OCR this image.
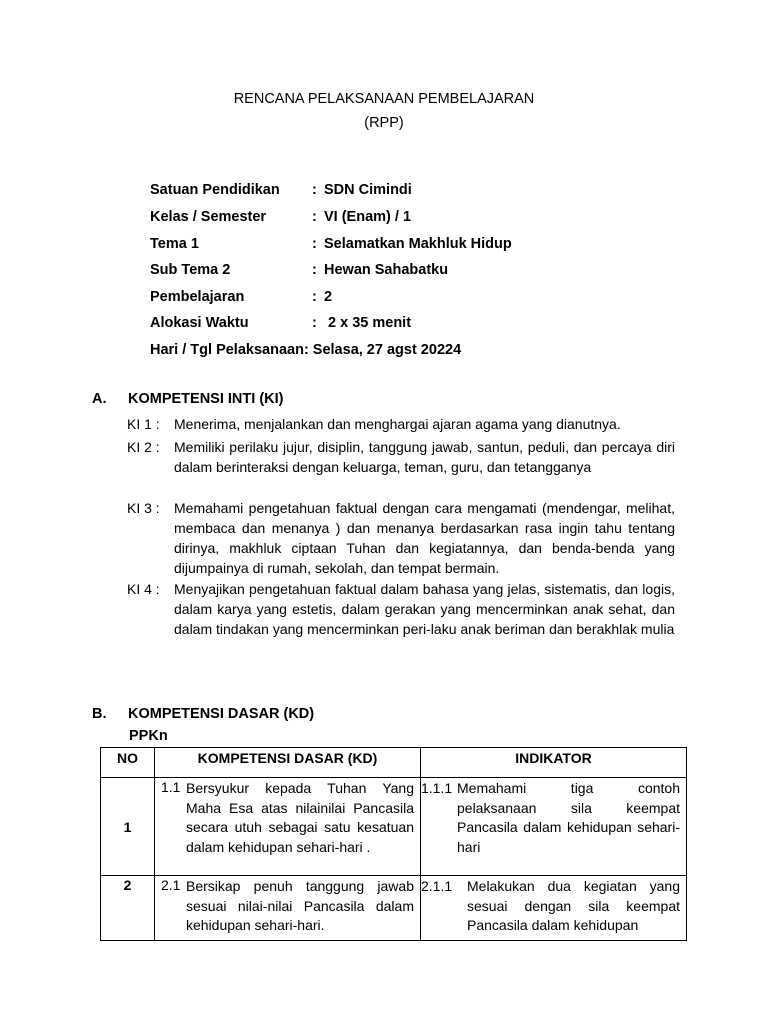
RENCANA PELAKSANAAN PEMBELAJARAN
(RPP)
Satuan Pendidikan : SDN Cimindi
Kelas / Semester	: VI (Enam) / 1
Tema 1	: Selamatkan Makhluk Hidup
Sub Tema 2	: Hewan Sahabatku
Pembelajaran	: 2
Alokasi Waktu	: 2 x 35 menit
Hari / Tgl Pelaksanaan: Selasa, 27 agst 20224
A. KOMPETENSI INTI (KI)
KI 1 :	Menerima, menjalankan dan menghargai ajaran agama yang dianutnya.
KI 2 :	Memiliki perilaku jujur, disiplin, tanggung jawab, santun, peduli, dan percaya diri dalam berinteraksi dengan keluarga, teman, guru, dan tetangganya
KI 3 :	Memahami pengetahuan faktual dengan cara mengamati (mendengar, melihat, membaca dan menanya ) dan menanya berdasarkan rasa ingin tahu tentang dirinya, makhluk ciptaan Tuhan dan kegiatannya, dan benda-benda yang dijumpainya di rumah, sekolah, dan tempat bermain.
KI 4 :	Menyajikan pengetahuan faktual dalam bahasa yang jelas, sistematis, dan logis, dalam karya yang estetis, dalam gerakan yang mencerminkan anak sehat, dan dalam tindakan yang mencerminkan peri-laku anak beriman dan berakhlak mulia
B. KOMPETENSI DASAR (KD)
PPKn
NO	KOMPETENSI DASAR (KD)	INDIKATOR
1	1.1 Bersyukur kepada Tuhan Yang Maha Esa atas nilainilai Pancasila secara utuh sebagai satu kesatuan dalam kehidupan sehari-hari .	1.1.1 Memahami tiga contoh pelaksanaan sila keempat Pancasila dalam kehidupan sehari-hari

2	2.1 Bersikap penuh tanggung jawab sesuai nilai-nilai Pancasila dalam kehidupan sehari-hari.	2.1.1 Melakukan dua kegiatan yang sesuai dengan sila keempat Pancasila dalam kehidupan
